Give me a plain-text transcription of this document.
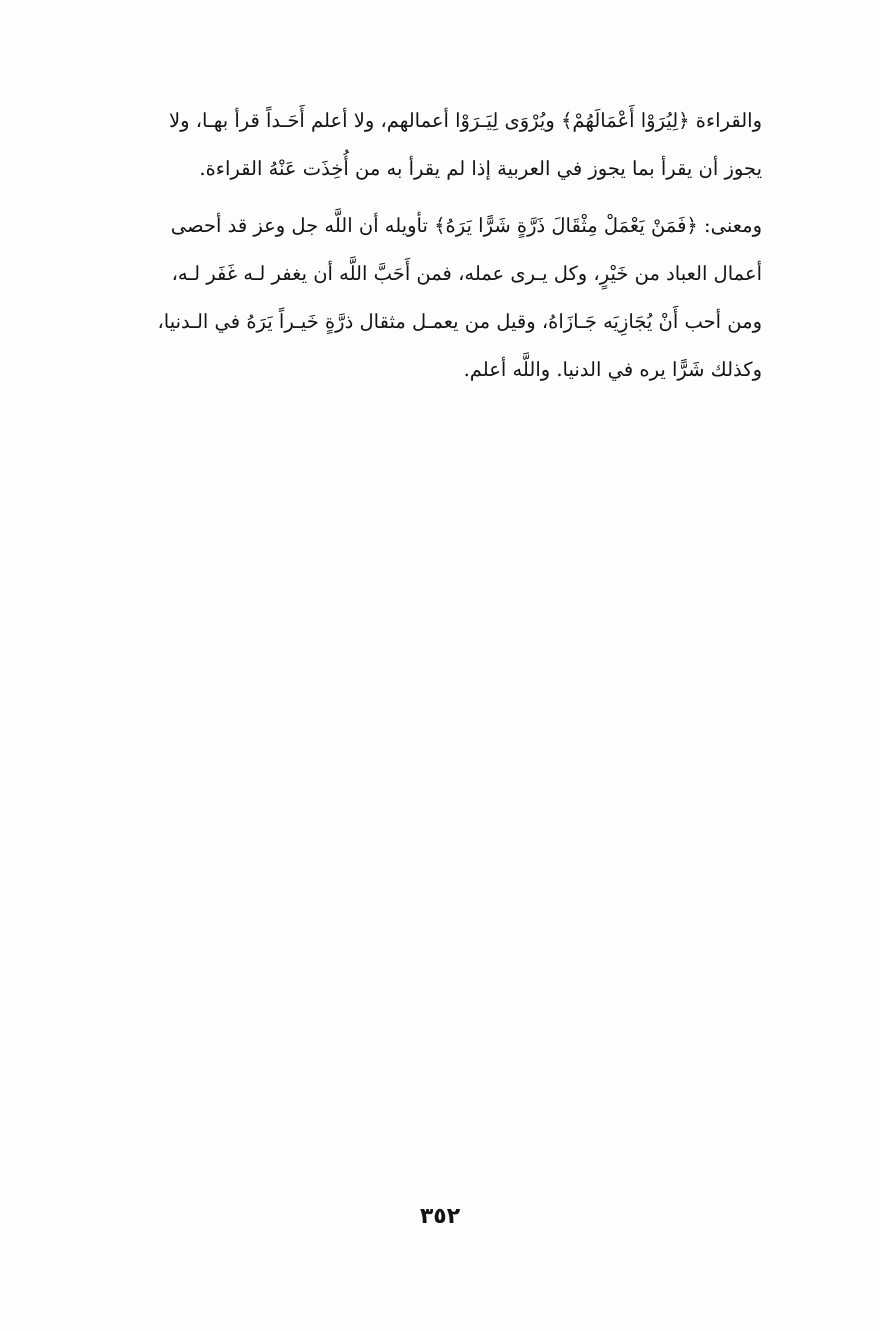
والقراءة ﴿لِيُرَوْا أَعْمَالَهُمْ﴾ ويُرْوَى لِيَـرَوْا أعمالهم، ولا أعلم أَحَـداً قرأ بهـا، ولا
يجوز أن يقرأ بما يجوز في العربية إذا لم يقرأ به من أُخِذَت عَنْهُ القراءة.
ومعنى: ﴿فَمَنْ يَعْمَلْ مِثْقَالَ ذَرَّةٍ شَرًّا يَرَهُ﴾ تأويله أن اللَّه جل وعز قد أحصى
أعمال العباد من خَيْرٍ، وكل يـرى عمله، فمن أَحَبَّ اللَّه أن يغفر لـه غَفَر لـه،
ومن أحب أَنْ يُجَازِيَه جَـازَاهُ، وقيل من يعمـل مثقال ذرَّةٍ خَيـراً يَرَهُ في الـدنيا،
وكذلك شَرًّا يره في الدنيا. واللَّه أعلم.
٣٥٢
